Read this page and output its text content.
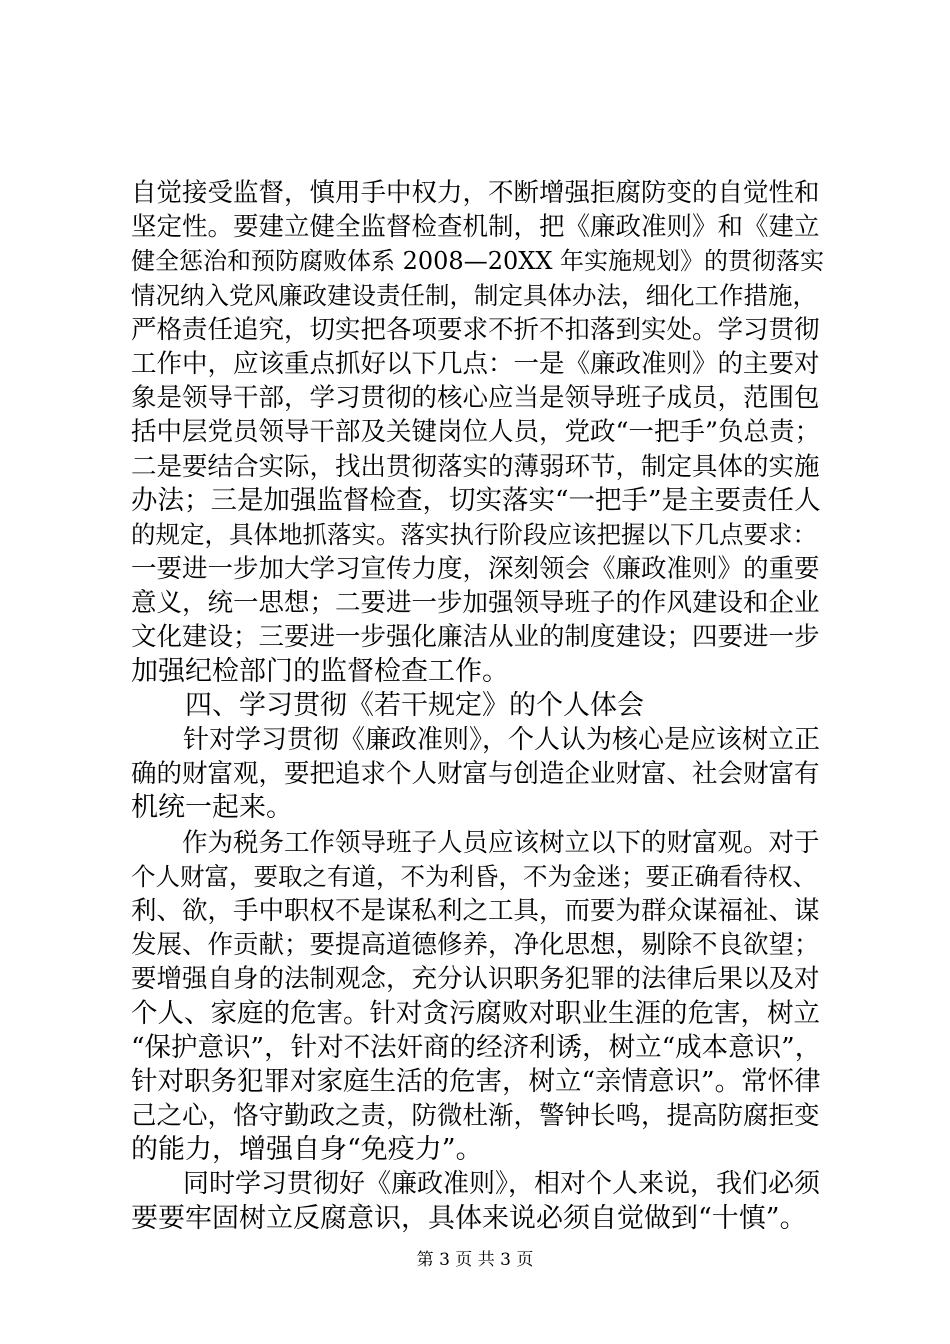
自觉接受监督，慎用手中权力，不断增强拒腐防变的自觉性和
坚定性。要建立健全监督检查机制，把《廉政准则》和《建立
健全惩治和预防腐败体系 2008—20XX 年实施规划》的贯彻落实
情况纳入党风廉政建设责任制，制定具体办法，细化工作措施，
严格责任追究，切实把各项要求不折不扣落到实处。学习贯彻
工作中，应该重点抓好以下几点：一是《廉政准则》的主要对
象是领导干部，学习贯彻的核心应当是领导班子成员，范围包
括中层党员领导干部及关键岗位人员，党政“一把手”负总责；
二是要结合实际，找出贯彻落实的薄弱环节，制定具体的实施
办法；三是加强监督检查，切实落实“一把手”是主要责任人
的规定，具体地抓落实。落实执行阶段应该把握以下几点要求：
一要进一步加大学习宣传力度，深刻领会《廉政准则》的重要
意义，统一思想；二要进一步加强领导班子的作风建设和企业
文化建设；三要进一步强化廉洁从业的制度建设；四要进一步
加强纪检部门的监督检查工作。
　　四、学习贯彻《若干规定》的个人体会
　　针对学习贯彻《廉政准则》，个人认为核心是应该树立正
确的财富观，要把追求个人财富与创造企业财富、社会财富有
机统一起来。
　　作为税务工作领导班子人员应该树立以下的财富观。对于
个人财富，要取之有道，不为利昏，不为金迷；要正确看待权、
利、欲，手中职权不是谋私利之工具，而要为群众谋福祉、谋
发展、作贡献；要提高道德修养，净化思想，剔除不良欲望；
要增强自身的法制观念，充分认识职务犯罪的法律后果以及对
个人、家庭的危害。针对贪污腐败对职业生涯的危害，树立
“保护意识”，针对不法奸商的经济利诱，树立“成本意识”，
针对职务犯罪对家庭生活的危害，树立“亲情意识”。常怀律
己之心，恪守勤政之责，防微杜渐，警钟长鸣，提高防腐拒变
的能力，增强自身“免疫力”。
　　同时学习贯彻好《廉政准则》，相对个人来说，我们必须
要要牢固树立反腐意识，具体来说必须自觉做到“十慎”。
第 3 页 共 3 页
